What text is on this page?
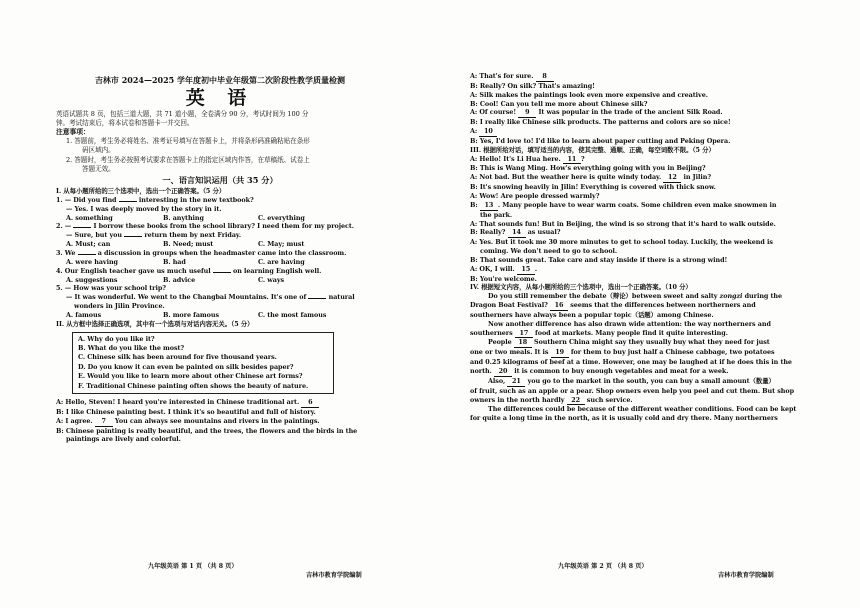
吉林市 2024—2025 学年度初中毕业年级第二次阶段性教学质量检测
英 语
英语试题共 8 页，包括三道大题，共 71 道小题，全卷满分 90 分，考试时间为 100 分
钟。考试结束后，将本试卷和答题卡一并交回。
注意事项：
1. 答题前，考生务必将姓名、准考证号填写在答题卡上，并将条形码准确粘贴在条形
码区域内。
2. 答题时，考生务必按照考试要求在答题卡上的指定区域内作答，在草稿纸、试卷上
答题无效。
一、语言知识运用（共 35 分）
I. 从每小题所给的三个选项中，选出一个正确答案。（5 分）
1. — Did you find	interesting in the new textbook?
— Yes. I was deeply moved by the story in it.
A. something	B. anything	C. everything
2. —	I borrow these books from the school library? I need them for my project.
— Sure, but you	return them by next Friday.
A. Must; can	B. Need; must	C. May; must
3. We	a discussion in groups when the headmaster came into the classroom.
A. were having	B. had	C. are having
4. Our English teacher gave us much useful	on learning English well.
A. suggestions	B. advice	C. ways
5. — How was your school trip?
— It was wonderful. We went to the Changbai Mountains. It's one of	natural
wonders in Jilin Province.
A. famous	B. more famous	C. the most famous
II. 从方框中选择正确选项，其中有一个选项与对话内容无关。（5 分）
A. Why do you like it?
B. What do you like the most?
C. Chinese silk has been around for five thousand years.
D. Do you know it can even be painted on silk besides paper?
E. Would you like to learn more about other Chinese art forms?
F. Traditional Chinese painting often shows the beauty of nature.
A: Hello, Steven! I heard you're interested in Chinese traditional art. 6
B: I like Chinese painting best. I think it's so beautiful and full of history.
A: I agree. 7 You can always see mountains and rivers in the paintings.
B: Chinese painting is really beautiful, and the trees, the flowers and the birds in the
paintings are lively and colorful.
九年级英语 第 1 页 （共 8 页）
吉林市教育学院编制
A: That's for sure. 8
B: Really? On silk? That's amazing!
A: Silk makes the paintings look even more expensive and creative.
B: Cool! Can you tell me more about Chinese silk?
A: Of course! 9 It was popular in the trade of the ancient Silk Road.
B: I really like Chinese silk products. The patterns and colors are so nice!
A: 10
B: Yes, I'd love to! I'd like to learn about paper cutting and Peking Opera.
III. 根据所给对话，填写适当的内容，使其完整、通顺、正确，每空词数不限。（5 分）
A: Hello! It's Li Hua here. 11 ?
B: This is Wang Ming. How's everything going with you in Beijing?
A: Not bad. But the weather here is quite windy today. 12 in Jilin?
B: It's snowing heavily in Jilin! Everything is covered with thick snow.
A: Wow! Are people dressed warmly?
B: 13 . Many people have to wear warm coats. Some children even make snowmen in
the park.
A: That sounds fun! But in Beijing, the wind is so strong that it's hard to walk outside.
B: Really? 14 as usual?
A: Yes. But it took me 30 more minutes to get to school today. Luckily, the weekend is
coming. We don't need to go to school.
B: That sounds great. Take care and stay inside if there is a strong wind!
A: OK, I will. 15 .
B: You're welcome.
IV. 根据短文内容，从每小题所给的三个选项中，选出一个正确答案。（10 分）
Do you still remember the debate（辩论）between sweet and salty zongzi during the
Dragon Boat Festival? 16 seems that the differences between northerners and
southerners have always been a popular topic（话题）among Chinese.
Now another difference has also drawn wide attention: the way northerners and
southerners 17 food at markets. Many people find it quite interesting.
People 18 Southern China might say they usually buy what they need for just
one or two meals. It is 19 for them to buy just half a Chinese cabbage, two potatoes
and 0.25 kilograms of beef at a time. However, one may be laughed at if he does this in the
north. 20 it is common to buy enough vegetables and meat for a week.
Also, 21 you go to the market in the south, you can buy a small amount（数量）
of fruit, such as an apple or a pear. Shop owners even help you peel and cut them. But shop
owners in the north hardly 22 such service.
The differences could be because of the different weather conditions. Food can be kept
for quite a long time in the north, as it is usually cold and dry there. Many northerners
九年级英语 第 2 页 （共 8 页）
吉林市教育学院编制
